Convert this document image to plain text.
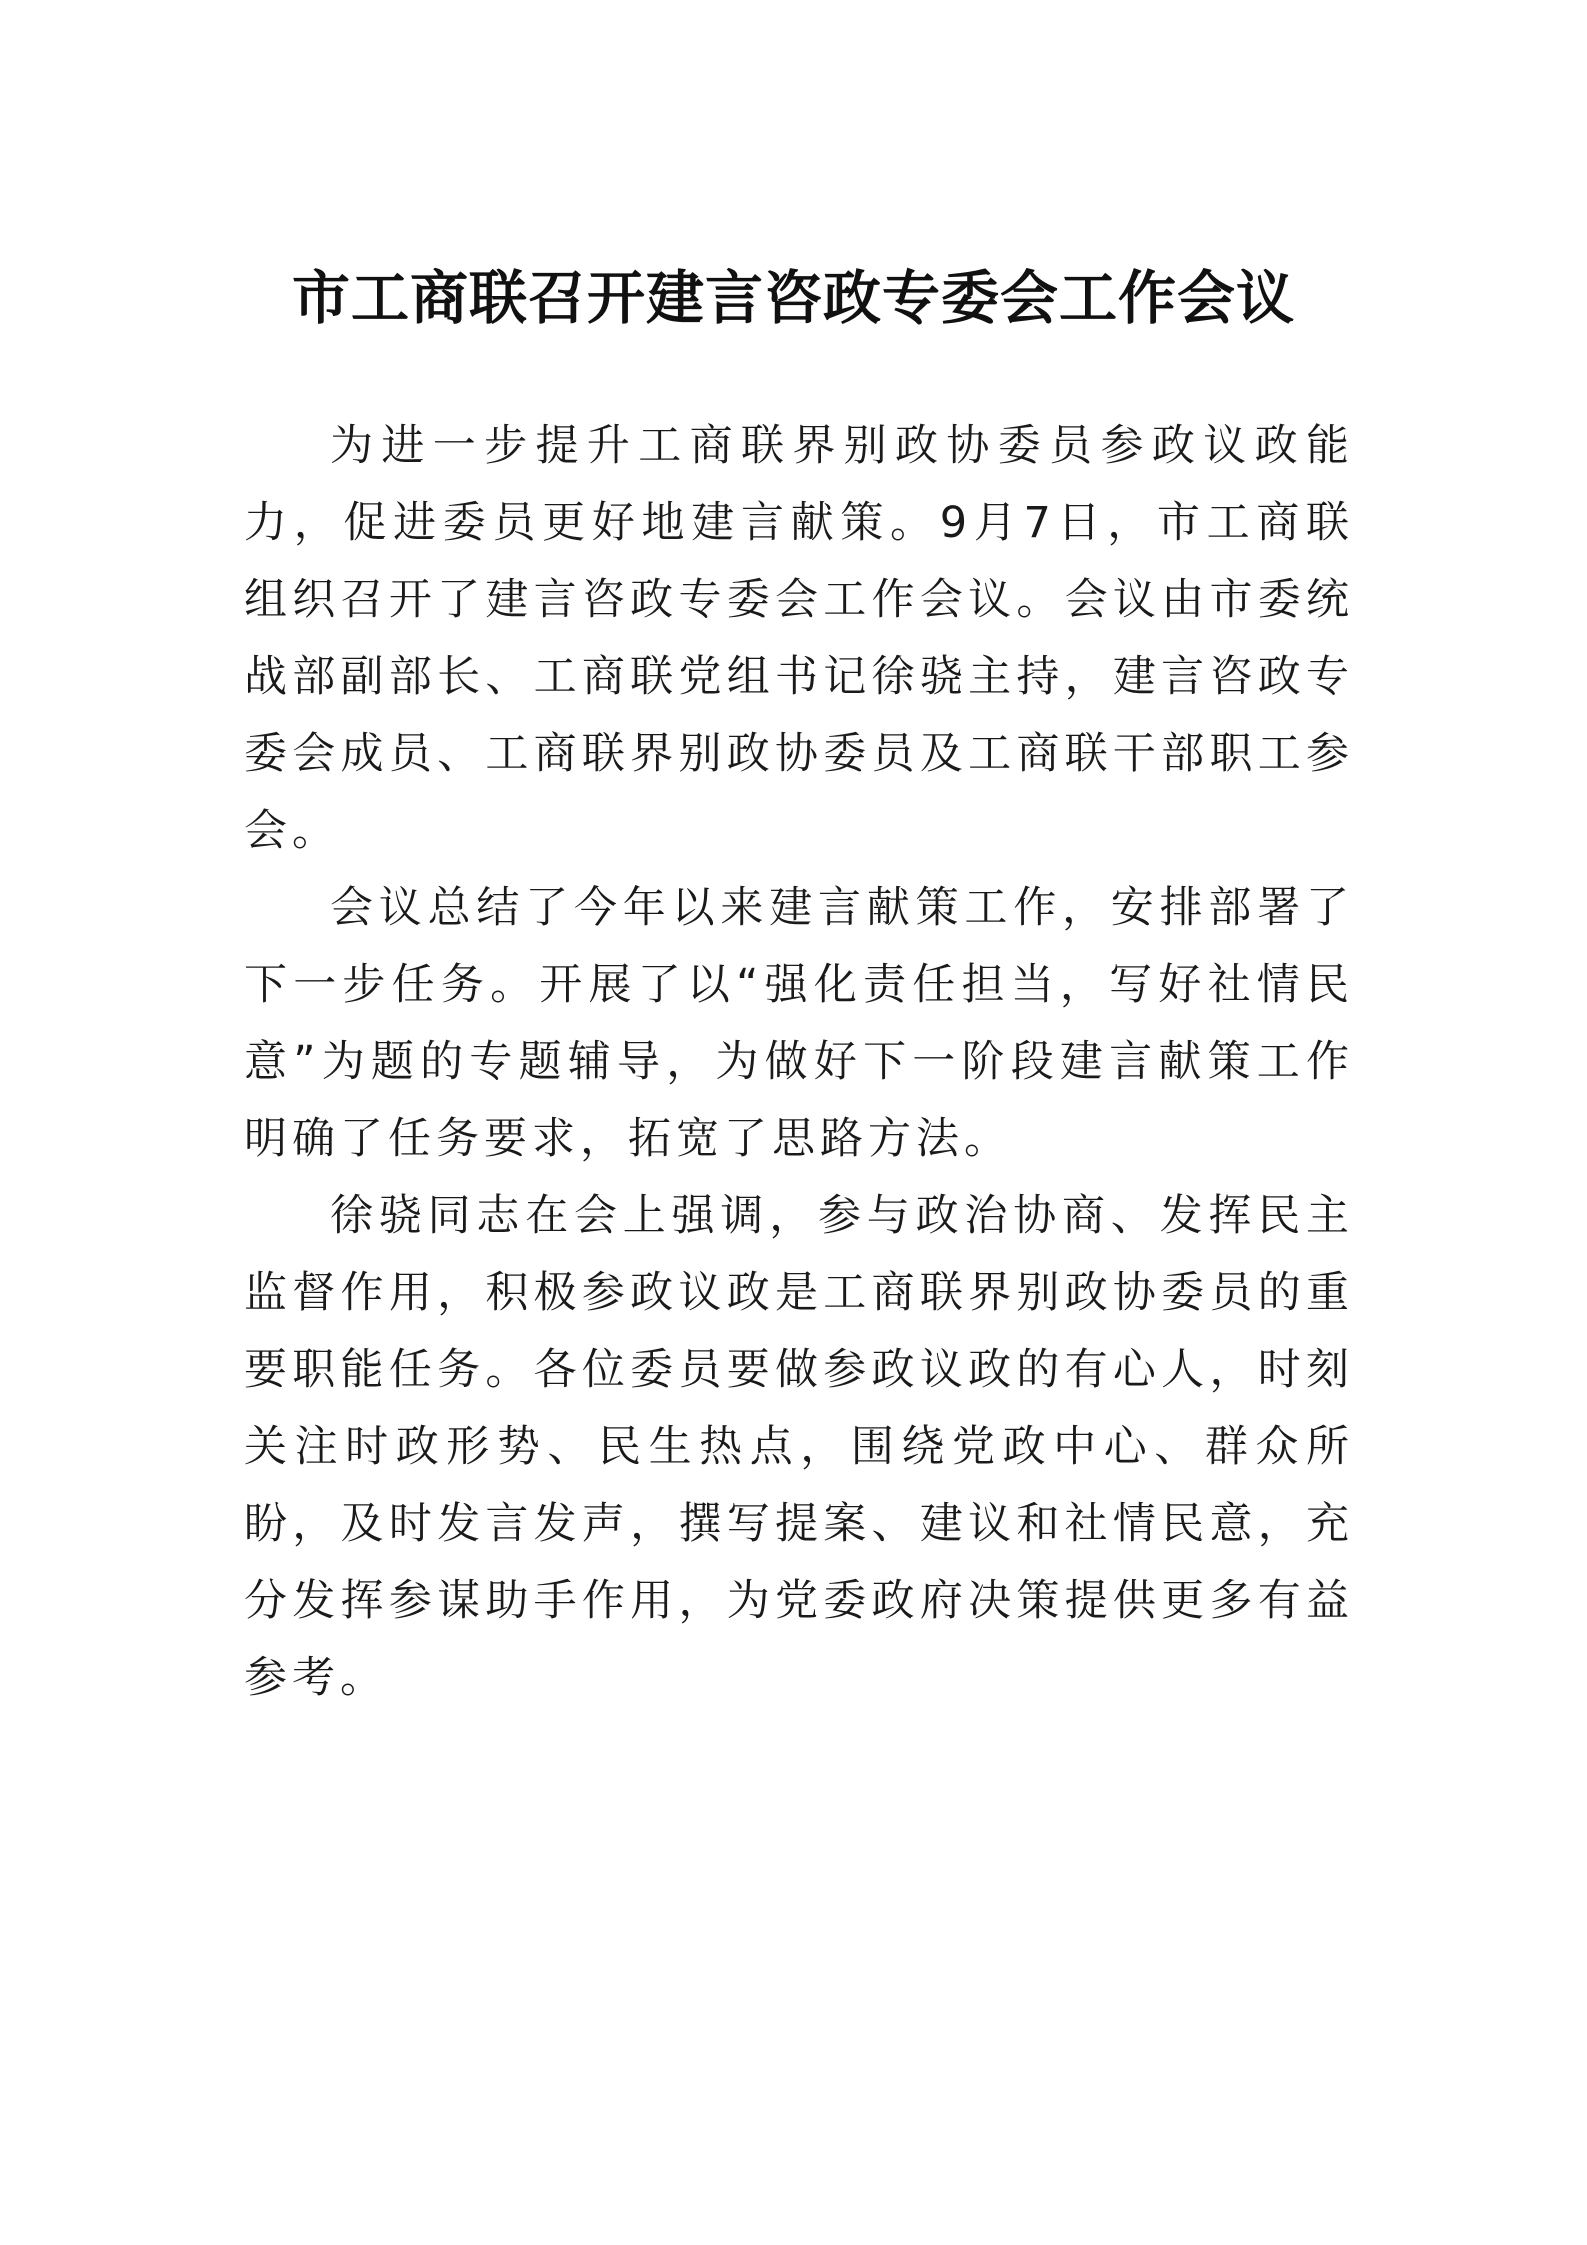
市工商联召开建言咨政专委会工作会议

为进一步提升工商联界别政协委员参政议政能力，促进委员更好地建言献策。9月7日，市工商联组织召开了建言咨政专委会工作会议。会议由市委统战部副部长、工商联党组书记徐骁主持，建言咨政专委会成员、工商联界别政协委员及工商联干部职工参会。

会议总结了今年以来建言献策工作，安排部署了下一步任务。开展了以“强化责任担当，写好社情民意”为题的专题辅导，为做好下一阶段建言献策工作明确了任务要求，拓宽了思路方法。

徐骁同志在会上强调，参与政治协商、发挥民主监督作用，积极参政议政是工商联界别政协委员的重要职能任务。各位委员要做参政议政的有心人，时刻关注时政形势、民生热点，围绕党政中心、群众所盼，及时发言发声，撰写提案、建议和社情民意，充分发挥参谋助手作用，为党委政府决策提供更多有益参考。
